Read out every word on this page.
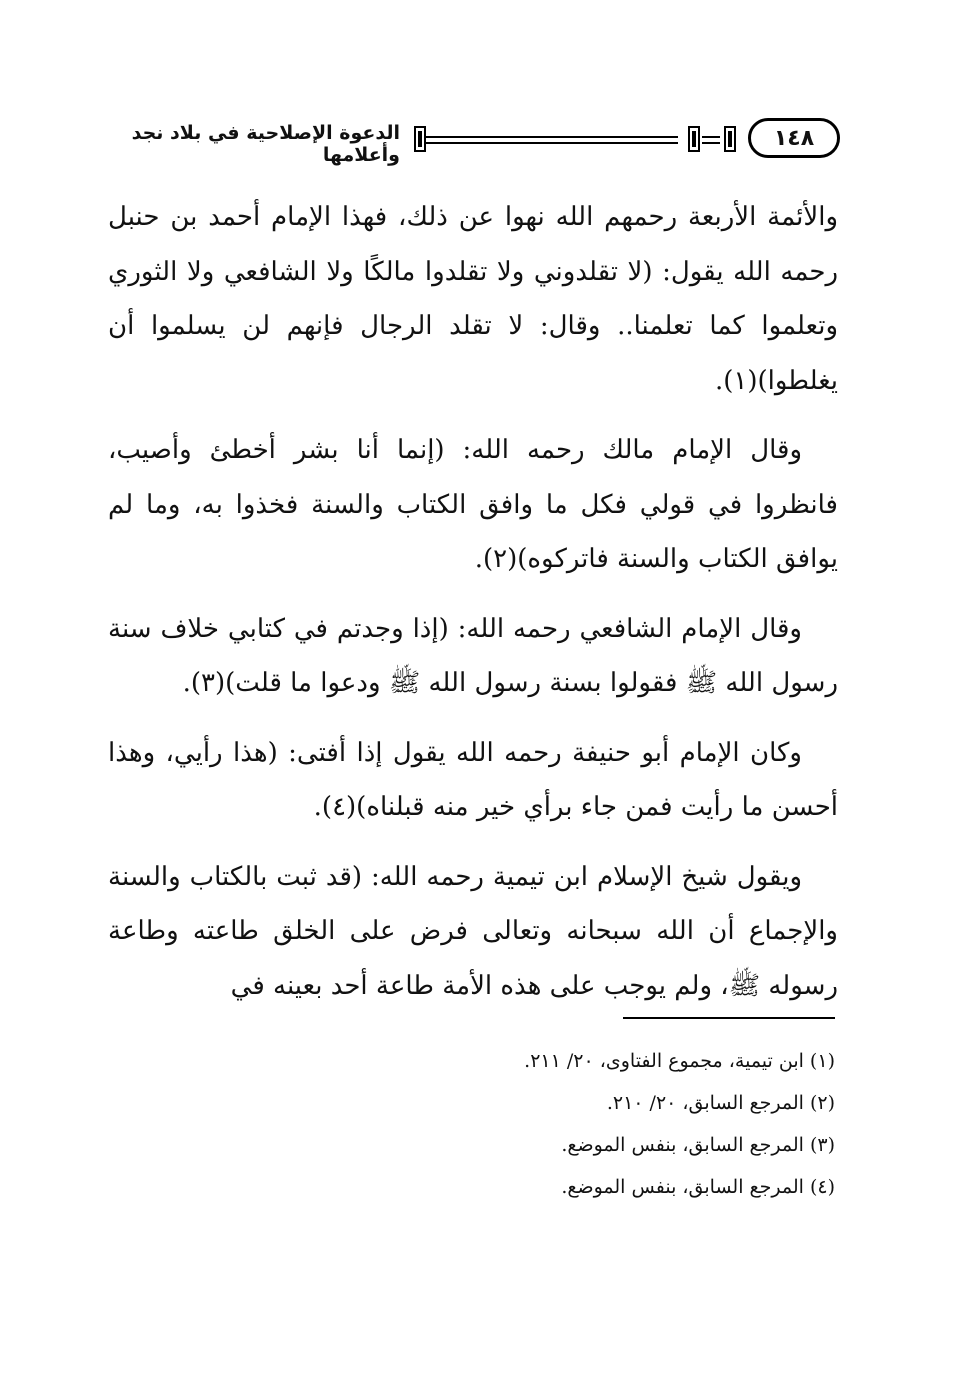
١٤٨
الدعوة الإصلاحية في بلاد نجد وأعلامها

والأئمة الأربعة رحمهم الله نهوا عن ذلك، فهذا الإمام أحمد بن حنبل رحمه الله يقول: (لا تقلدوني ولا تقلدوا مالكًا ولا الشافعي ولا الثوري وتعلموا كما تعلمنا.. وقال: لا تقلد الرجال فإنهم لن يسلموا أن يغلطوا)(١).

وقال الإمام مالك رحمه الله: (إنما أنا بشر أخطئ وأصيب، فانظروا في قولي فكل ما وافق الكتاب والسنة فخذوا به، وما لم يوافق الكتاب والسنة فاتركوه)(٢).

وقال الإمام الشافعي رحمه الله: (إذا وجدتم في كتابي خلاف سنة رسول الله ﷺ فقولوا بسنة رسول الله ﷺ ودعوا ما قلت)(٣).

وكان الإمام أبو حنيفة رحمه الله يقول إذا أفتى: (هذا رأيي، وهذا أحسن ما رأيت فمن جاء برأي خير منه قبلناه)(٤).

ويقول شيخ الإسلام ابن تيمية رحمه الله: (قد ثبت بالكتاب والسنة والإجماع أن الله سبحانه وتعالى فرض على الخلق طاعته وطاعة رسوله ﷺ، ولم يوجب على هذه الأمة طاعة أحد بعينه في

(١) ابن تيمية، مجموع الفتاوى، ٢٠/ ٢١١.
(٢) المرجع السابق، ٢٠/ ٢١٠.
(٣) المرجع السابق، بنفس الموضع.
(٤) المرجع السابق، بنفس الموضع.
